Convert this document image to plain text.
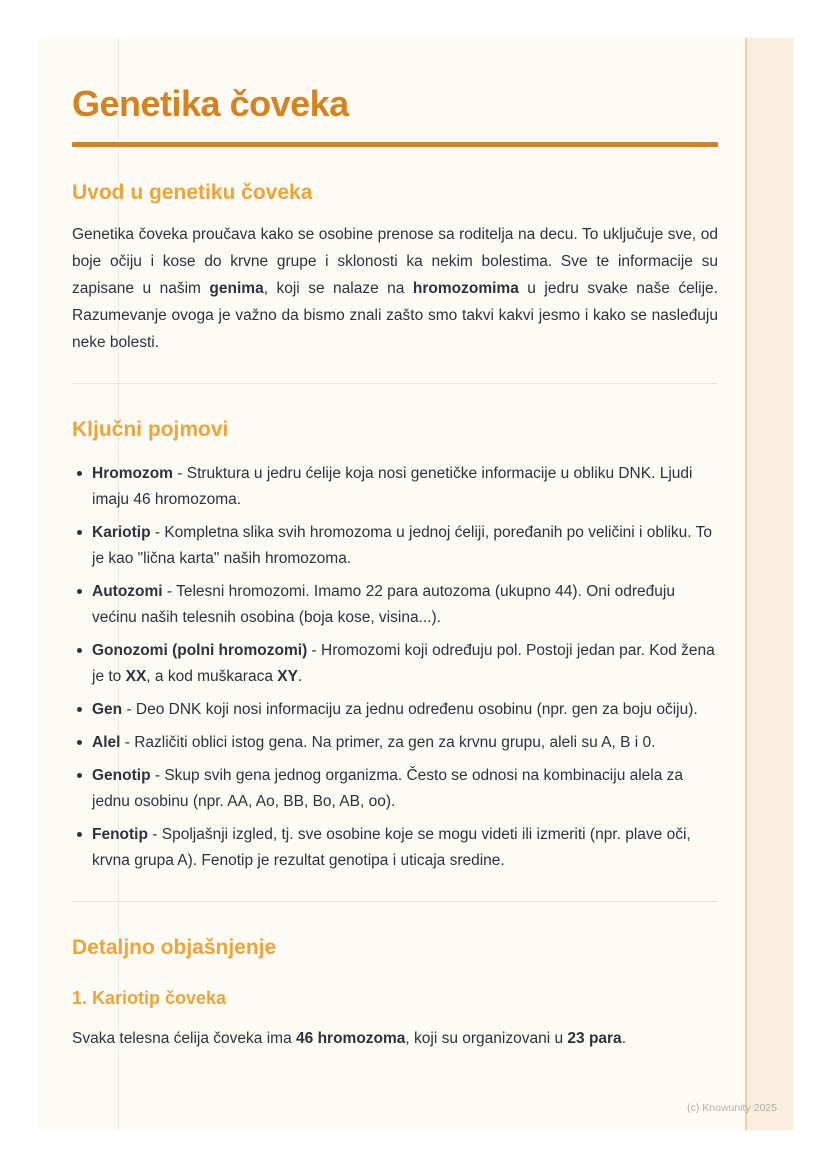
Genetika čoveka
Uvod u genetiku čoveka

Genetika čoveka proučava kako se osobine prenose sa roditelja na decu. To uključuje sve, od boje očiju i kose do krvne grupe i sklonosti ka nekim bolestima. Sve te informacije su zapisane u našim genima, koji se nalaze na hromozomima u jedru svake naše ćelije. Razumevanje ovoga je važno da bismo znali zašto smo takvi kakvi jesmo i kako se nasleđuju neke bolesti.

Ključni pojmovi
Hromozom - Struktura u jedru ćelije koja nosi genetičke informacije u obliku DNK. Ljudi imaju 46 hromozoma.
Kariotip - Kompletna slika svih hromozoma u jednoj ćeliji, poređanih po veličini i obliku. To je kao "lična karta" naših hromozoma.
Autozomi - Telesni hromozomi. Imamo 22 para autozoma (ukupno 44). Oni određuju većinu naših telesnih osobina (boja kose, visina...).
Gonozomi (polni hromozomi) - Hromozomi koji određuju pol. Postoji jedan par. Kod žena je to XX, a kod muškaraca XY.
Gen - Deo DNK koji nosi informaciju za jednu određenu osobinu (npr. gen za boju očiju).
Alel - Različiti oblici istog gena. Na primer, za gen za krvnu grupu, aleli su A, B i 0.
Genotip - Skup svih gena jednog organizma. Često se odnosi na kombinaciju alela za jednu osobinu (npr. AA, Ao, BB, Bo, AB, oo).
Fenotip - Spoljašnji izgled, tj. sve osobine koje se mogu videti ili izmeriti (npr. plave oči, krvna grupa A). Fenotip je rezultat genotipa i uticaja sredine.
Detaljno objašnjenje
1. Kariotip čoveka

Svaka telesna ćelija čoveka ima 46 hromozoma, koji su organizovani u 23 para.

(c) Knowunity 2025
